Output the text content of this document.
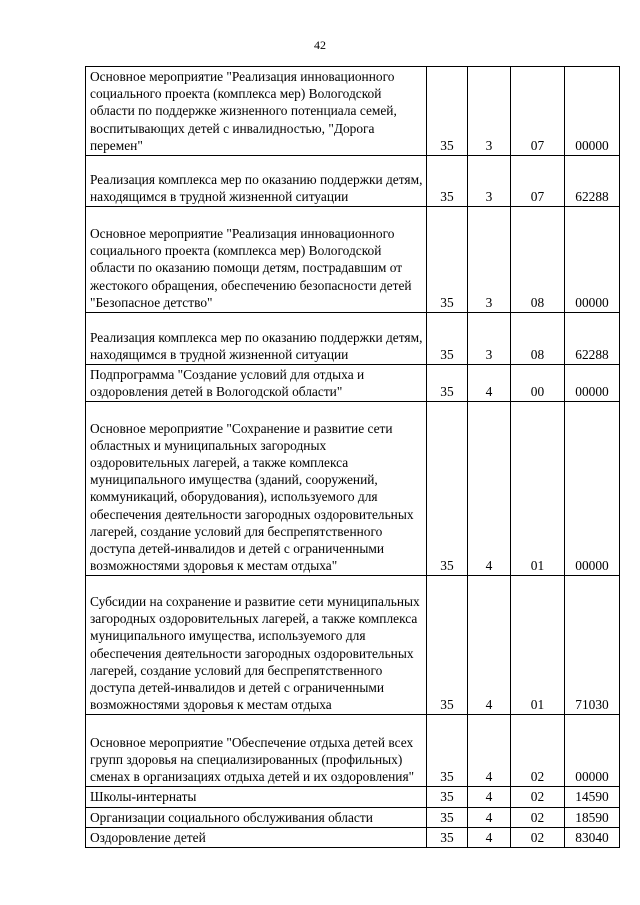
42
Основное мероприятие "Реализация инновационного социального проекта (комплекса мер) Вологодской области по поддержке жизненного потенциала семей, воспитывающих детей с инвалидностью, "Дорога перемен"	35	3	07	00000
Реализация комплекса мер по оказанию поддержки детям, находящимся в трудной жизненной ситуации	35	3	07	62288
Основное мероприятие "Реализация инновационного социального проекта (комплекса мер) Вологодской области по оказанию помощи детям, пострадавшим от жестокого обращения, обеспечению безопасности детей "Безопасное детство"	35	3	08	00000
Реализация комплекса мер по оказанию поддержки детям, находящимся в трудной жизненной ситуации	35	3	08	62288
Подпрограмма "Создание условий для отдыха и оздоровления детей в Вологодской области"	35	4	00	00000
Основное мероприятие "Сохранение и развитие сети областных и муниципальных загородных оздоровительных лагерей, а также комплекса муниципального имущества (зданий, сооружений, коммуникаций, оборудования), используемого для обеспечения деятельности загородных оздоровительных лагерей, создание условий для беспрепятственного доступа детей-инвалидов и детей с ограниченными возможностями здоровья к местам отдыха"	35	4	01	00000
Субсидии на сохранение и развитие сети муниципальных загородных оздоровительных лагерей, а также комплекса муниципального имущества, используемого для обеспечения деятельности загородных оздоровительных лагерей, создание условий для беспрепятственного доступа детей-инвалидов и детей с ограниченными возможностями здоровья к местам отдыха	35	4	01	71030
Основное мероприятие "Обеспечение отдыха детей всех групп здоровья на специализированных (профильных) сменах в организациях отдыха детей и их оздоровления"	35	4	02	00000
Школы-интернаты	35	4	02	14590
Организации социального обслуживания области	35	4	02	18590
Оздоровление детей	35	4	02	83040
